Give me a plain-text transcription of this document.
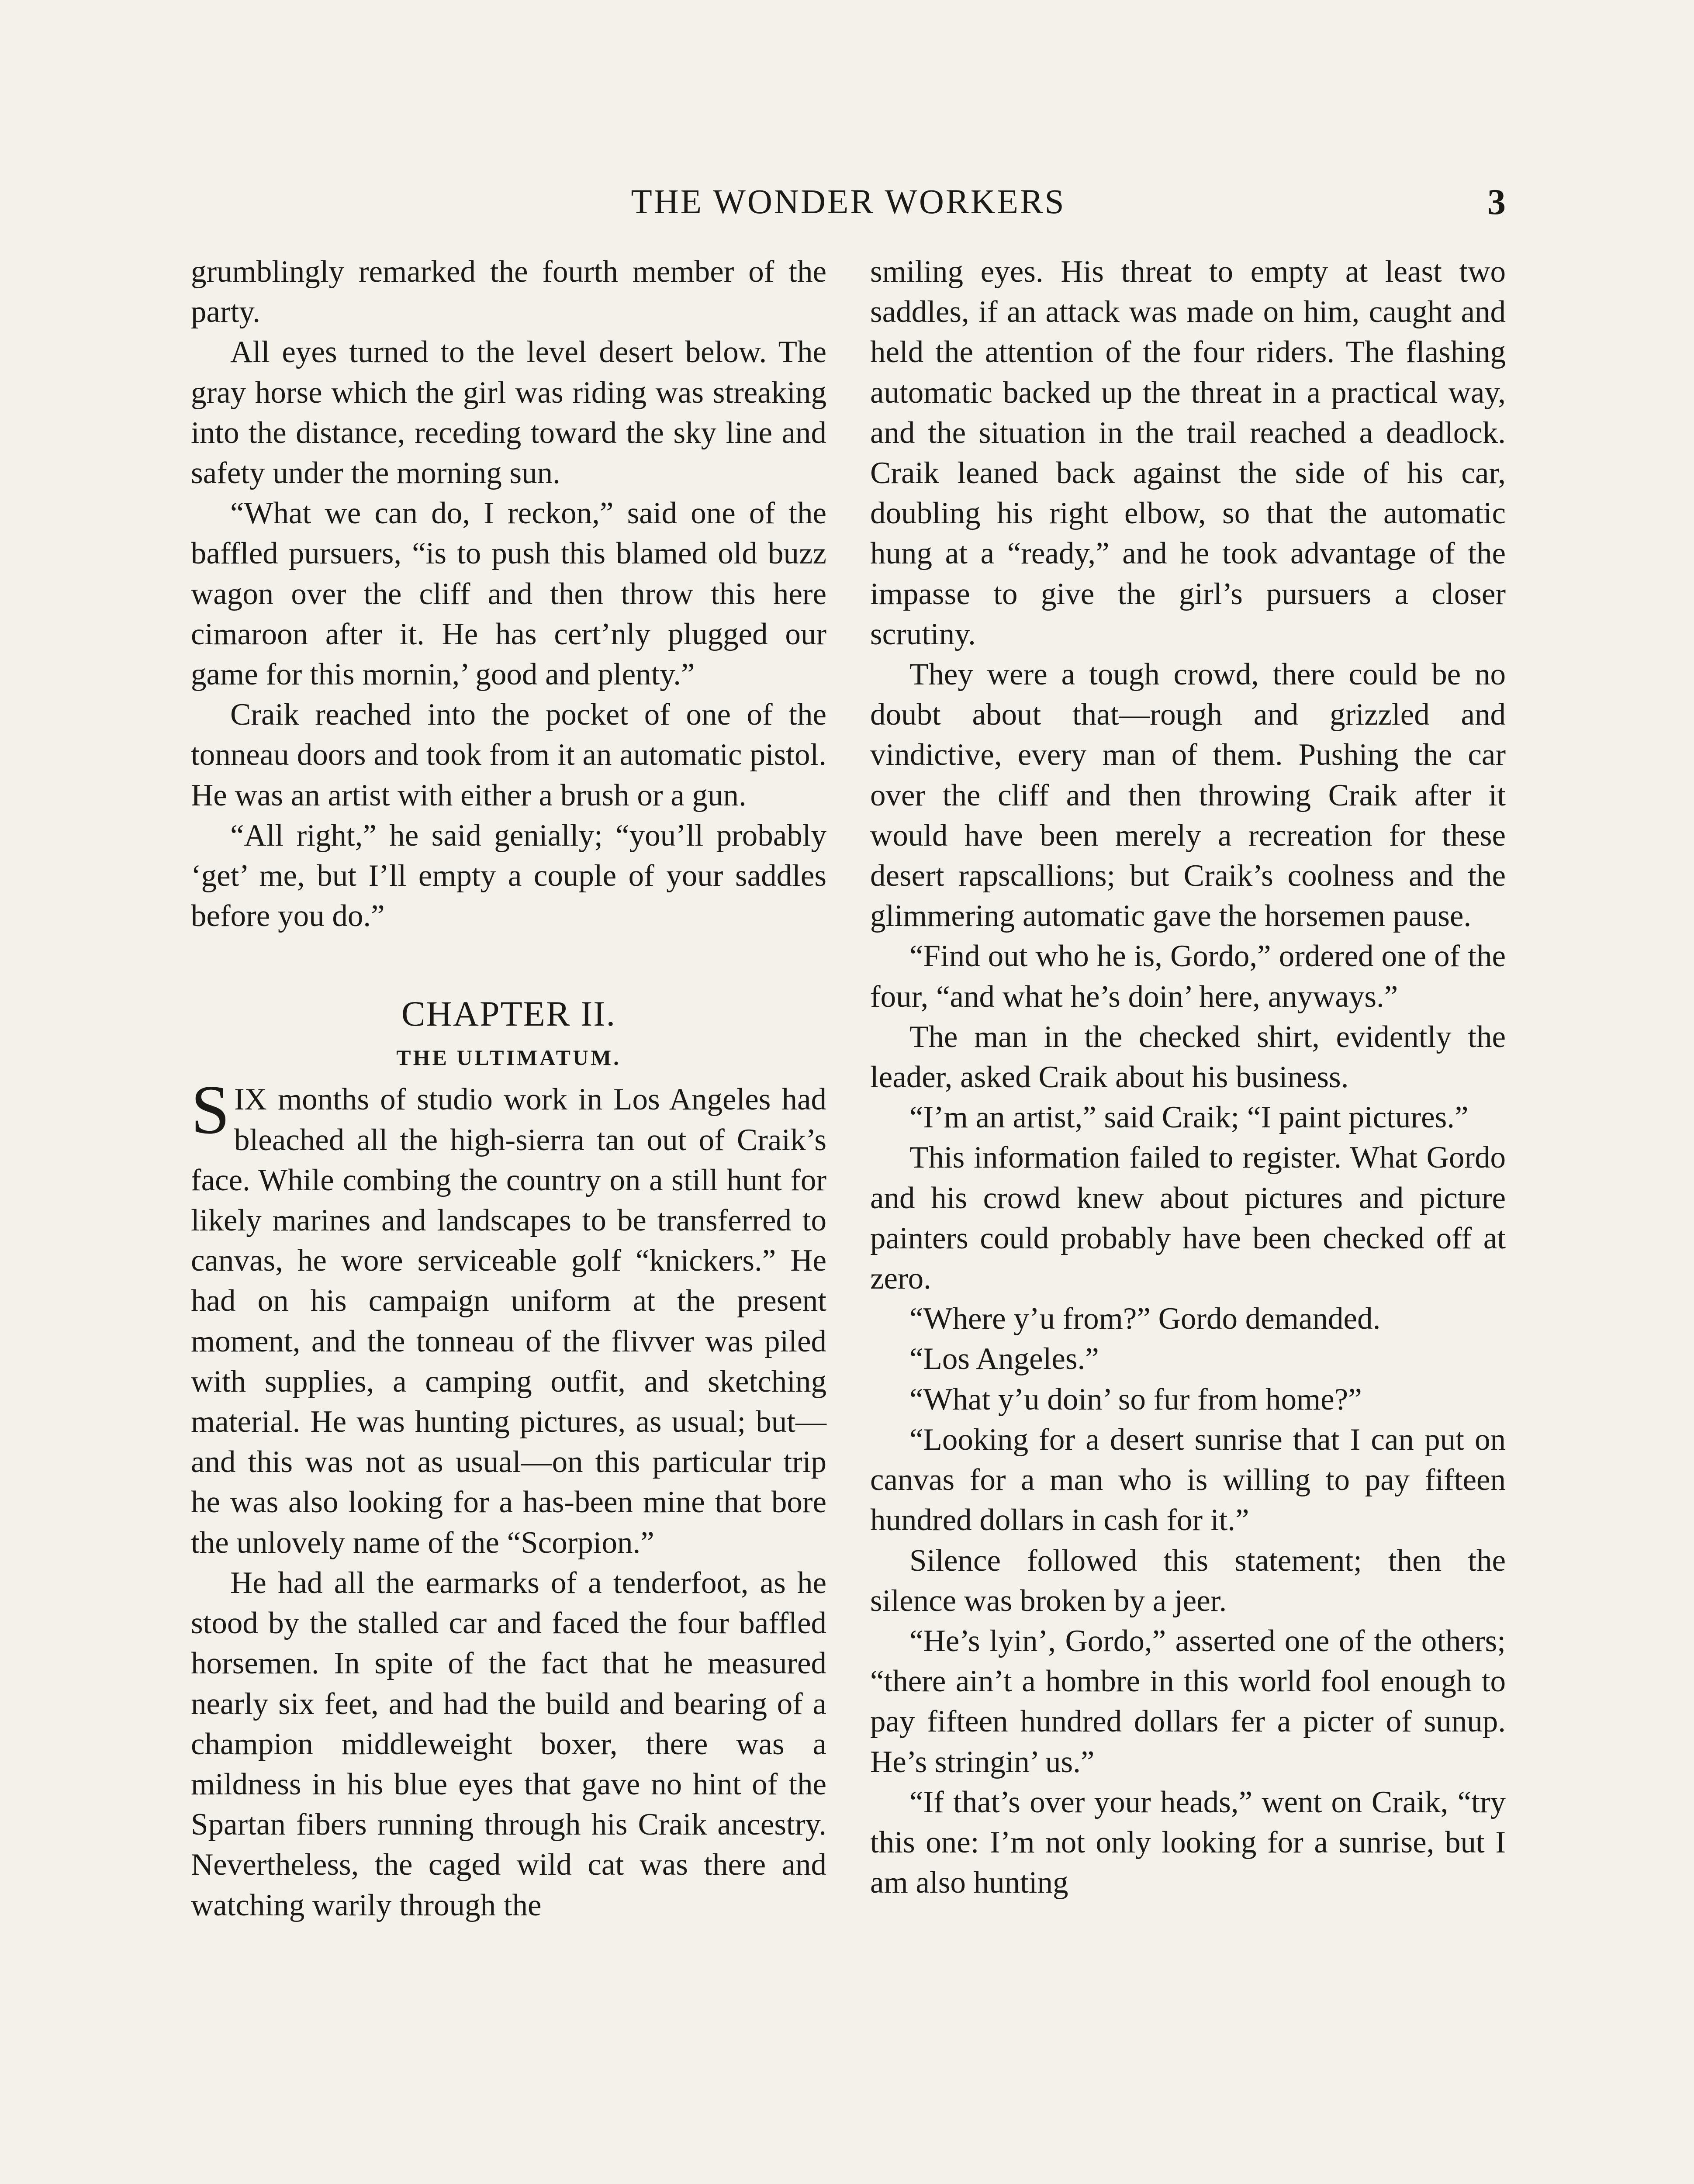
THE WONDER WORKERS	3

grumblingly remarked the fourth member of the party.

All eyes turned to the level desert below. The gray horse which the girl was riding was streaking into the distance, receding toward the sky line and safety under the morning sun.

“What we can do, I reckon,” said one of the baffled pursuers, “is to push this blamed old buzz wagon over the cliff and then throw this here cimaroon after it. He has cert’nly plugged our game for this mornin,’ good and plenty.”

Craik reached into the pocket of one of the tonneau doors and took from it an automatic pistol. He was an artist with either a brush or a gun.

“All right,” he said genially; “you’ll probably ‘get’ me, but I’ll empty a couple of your saddles before you do.”

CHAPTER II.
THE ULTIMATUM.

SIX months of studio work in Los Angeles had bleached all the high-sierra tan out of Craik’s face. While combing the country on a still hunt for likely marines and landscapes to be transferred to canvas, he wore serviceable golf “knickers.” He had on his campaign uniform at the present moment, and the tonneau of the flivver was piled with supplies, a camping outfit, and sketching material. He was hunting pictures, as usual; but—and this was not as usual—on this particular trip he was also looking for a has-been mine that bore the unlovely name of the “Scorpion.”

He had all the earmarks of a tenderfoot, as he stood by the stalled car and faced the four baffled horsemen. In spite of the fact that he measured nearly six feet, and had the build and bearing of a champion middleweight boxer, there was a mildness in his blue eyes that gave no hint of the Spartan fibers running through his Craik ancestry. Nevertheless, the caged wild cat was there and watching warily through the

smiling eyes. His threat to empty at least two saddles, if an attack was made on him, caught and held the attention of the four riders. The flashing automatic backed up the threat in a practical way, and the situation in the trail reached a deadlock. Craik leaned back against the side of his car, doubling his right elbow, so that the automatic hung at a “ready,” and he took advantage of the impasse to give the girl’s pursuers a closer scrutiny.

They were a tough crowd, there could be no doubt about that—rough and grizzled and vindictive, every man of them. Pushing the car over the cliff and then throwing Craik after it would have been merely a recreation for these desert rapscallions; but Craik’s coolness and the glimmering automatic gave the horsemen pause.

“Find out who he is, Gordo,” ordered one of the four, “and what he’s doin’ here, anyways.”

The man in the checked shirt, evidently the leader, asked Craik about his business.

“I’m an artist,” said Craik; “I paint pictures.”

This information failed to register. What Gordo and his crowd knew about pictures and picture painters could probably have been checked off at zero.

“Where y’u from?” Gordo demanded.

“Los Angeles.”

“What y’u doin’ so fur from home?”

“Looking for a desert sunrise that I can put on canvas for a man who is willing to pay fifteen hundred dollars in cash for it.”

Silence followed this statement; then the silence was broken by a jeer.

“He’s lyin’, Gordo,” asserted one of the others; “there ain’t a hombre in this world fool enough to pay fifteen hundred dollars fer a picter of sunup. He’s stringin’ us.”

“If that’s over your heads,” went on Craik, “try this one: I’m not only looking for a sunrise, but I am also hunting
